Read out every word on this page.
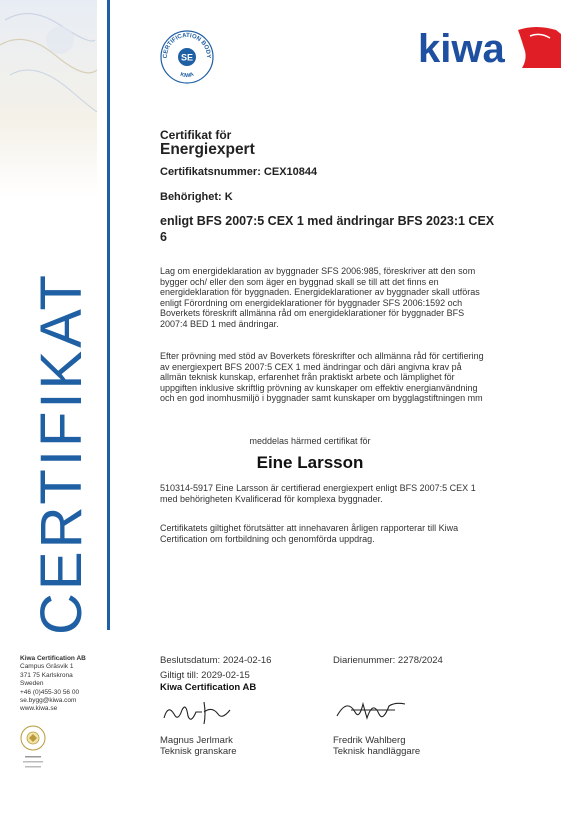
CERTIFIKAT
CERTIFICATION BODY
SE
KIWA
kiwa
Certifikat för
Energiexpert
Certifikatsnummer: CEX10844
Behörighet: K
enligt BFS 2007:5 CEX 1 med ändringar BFS 2023:1 CEX 6
Lag om energideklaration av byggnader SFS 2006:985, föreskriver att den som bygger och/ eller den som äger en byggnad skall se till att det finns en energideklaration för byggnaden. Energideklarationer av byggnader skall utföras enligt Förordning om energideklarationer för byggnader SFS 2006:1592 och Boverkets föreskrift allmänna råd om energideklarationer för byggnader BFS 2007:4 BED 1 med ändringar.
Efter prövning med stöd av Boverkets föreskrifter och allmänna råd för certifiering av energiexpert BFS 2007:5 CEX 1 med ändringar och däri angivna krav på allmän teknisk kunskap, erfarenhet från praktiskt arbete och lämplighet för uppgiften inklusive skriftlig prövning av kunskaper om effektiv energianvändning och en god inomhusmiljö i byggnader samt kunskaper om bygglagstiftningen mm
meddelas härmed certifikat för
Eine Larsson
510314-5917 Eine Larsson är certifierad energiexpert enligt BFS 2007:5 CEX 1 med behörigheten Kvalificerad för komplexa byggnader.
Certifikatets giltighet förutsätter att innehavaren årligen rapporterar till Kiwa Certification om fortbildning och genomförda uppdrag.
Kiwa Certification AB
Campus Gräsvik 1
371 75 Karlskrona
Sweden
+46 (0)455-30 56 00
se.bygg@kiwa.com
www.kiwa.se
Beslutsdatum: 2024-02-16	Diarienummer: 2278/2024
Giltigt till: 2029-02-15
Kiwa Certification AB
Magnus Jerlmark
Teknisk granskare
Fredrik Wahlberg
Teknisk handläggare
